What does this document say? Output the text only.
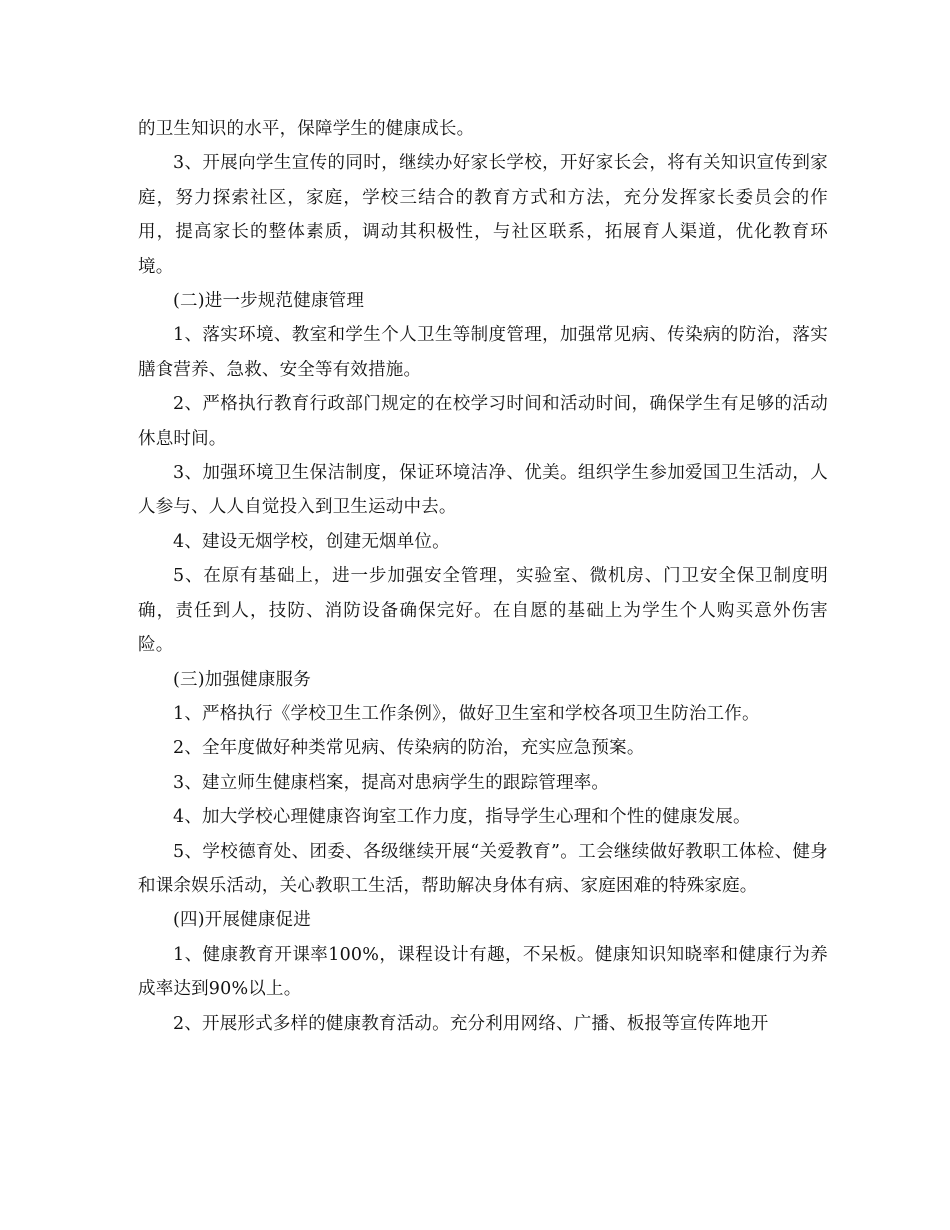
的卫生知识的水平，保障学生的健康成长。

3、开展向学生宣传的同时，继续办好家长学校，开好家长会，将有关知识宣传到家庭，努力探索社区，家庭，学校三结合的教育方式和方法，充分发挥家长委员会的作用，提高家长的整体素质，调动其积极性，与社区联系，拓展育人渠道，优化教育环境。

(二)进一步规范健康管理

1、落实环境、教室和学生个人卫生等制度管理，加强常见病、传染病的防治，落实膳食营养、急救、安全等有效措施。

2、严格执行教育行政部门规定的在校学习时间和活动时间，确保学生有足够的活动休息时间。

3、加强环境卫生保洁制度，保证环境洁净、优美。组织学生参加爱国卫生活动，人人参与、人人自觉投入到卫生运动中去。

4、建设无烟学校，创建无烟单位。

5、在原有基础上，进一步加强安全管理，实验室、微机房、门卫安全保卫制度明确，责任到人，技防、消防设备确保完好。在自愿的基础上为学生个人购买意外伤害险。

(三)加强健康服务

1、严格执行《学校卫生工作条例》，做好卫生室和学校各项卫生防治工作。

2、全年度做好种类常见病、传染病的防治，充实应急预案。

3、建立师生健康档案，提高对患病学生的跟踪管理率。

4、加大学校心理健康咨询室工作力度，指导学生心理和个性的健康发展。

5、学校德育处、团委、各级继续开展“关爱教育”。工会继续做好教职工体检、健身和课余娱乐活动，关心教职工生活，帮助解决身体有病、家庭困难的特殊家庭。

(四)开展健康促进

1、健康教育开课率100%，课程设计有趣，不呆板。健康知识知晓率和健康行为养成率达到90%以上。

2、开展形式多样的健康教育活动。充分利用网络、广播、板报等宣传阵地开
